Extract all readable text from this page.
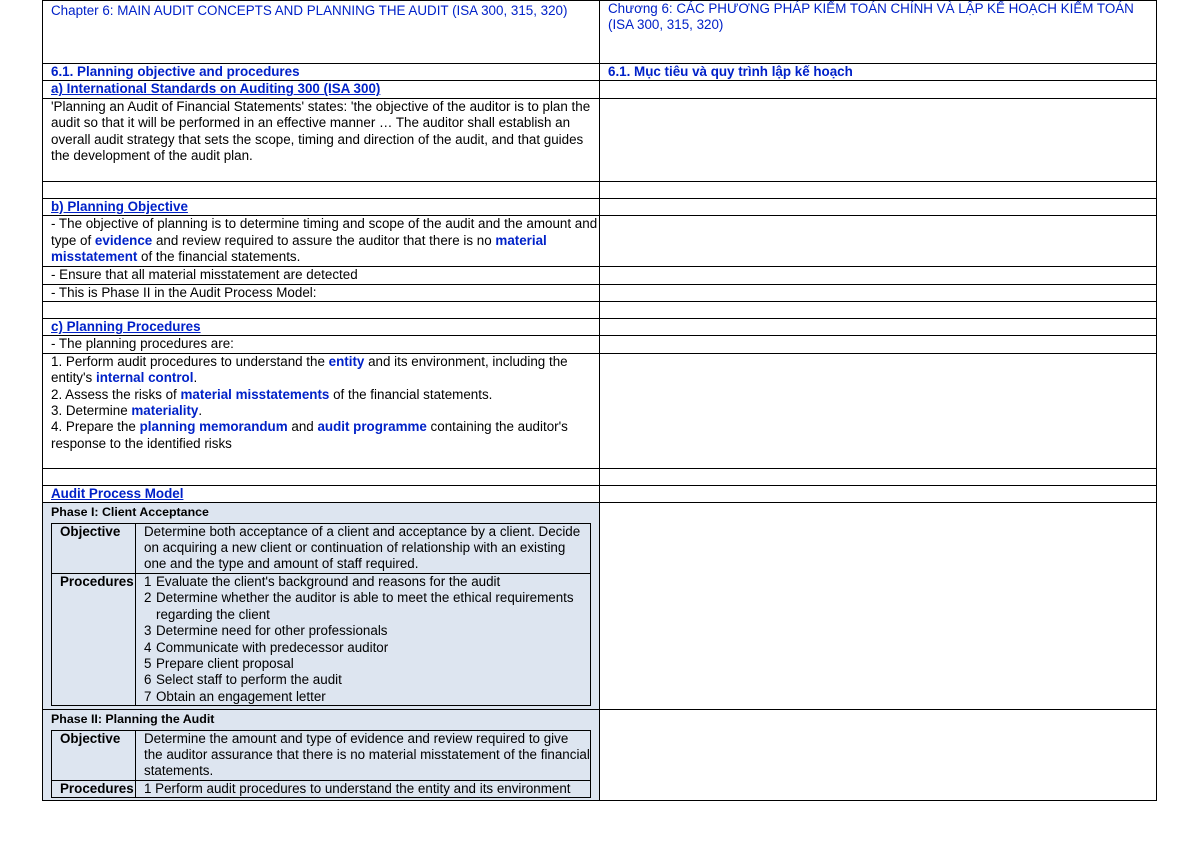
Chapter 6: MAIN AUDIT CONCEPTS AND PLANNING THE AUDIT (ISA 300, 315, 320)	Chương 6: CÁC PHƯƠNG PHÁP KIỂM TOÁN CHÍNH VÀ LẬP KẾ HOẠCH KIỂM TOÁN (ISA 300, 315, 320)
6.1. Planning objective and procedures	6.1. Mục tiêu và quy trình lập kế hoạch
a) International Standards on Auditing 300 (ISA 300)	
'Planning an Audit of Financial Statements' states: 'the objective of the auditor is to plan the audit so that it will be performed in an effective manner … The auditor shall establish an overall audit strategy that sets the scope, timing and direction of the audit, and that guides the development of the audit plan.	

b) Planning Objective	
- The objective of planning is to determine timing and scope of the audit and the amount and type of evidence and review required to assure the auditor that there is no material misstatement of the financial statements.	
- Ensure that all material misstatement are detected	
- This is Phase II in the Audit Process Model:	

c) Planning Procedures	
- The planning procedures are:	

1. Perform audit procedures to understand the entity and its environment, including the entity's internal control.
2. Assess the risks of material misstatements of the financial statements.
3. Determine materiality.
4. Prepare the planning memorandum and audit programme containing the auditor's response to the identified risks

Audit Process Model	

Phase I: Client Acceptance
Objective	Determine both acceptance of a client and acceptance by a client. Decide on acquiring a new client or continuation of relationship with an existing one and the type and amount of staff required.
Procedures	1 Evaluate the client's background and reasons for the audit
2 Determine whether the auditor is able to meet the ethical requirements regarding the client
3 Determine need for other professionals
4 Communicate with predecessor auditor
5 Prepare client proposal
6 Select staff to perform the audit
7 Obtain an engagement letter

Phase II: Planning the Audit
Objective	Determine the amount and type of evidence and review required to give the auditor assurance that there is no material misstatement of the financial statements.
Procedures	1 Perform audit procedures to understand the entity and its environment
